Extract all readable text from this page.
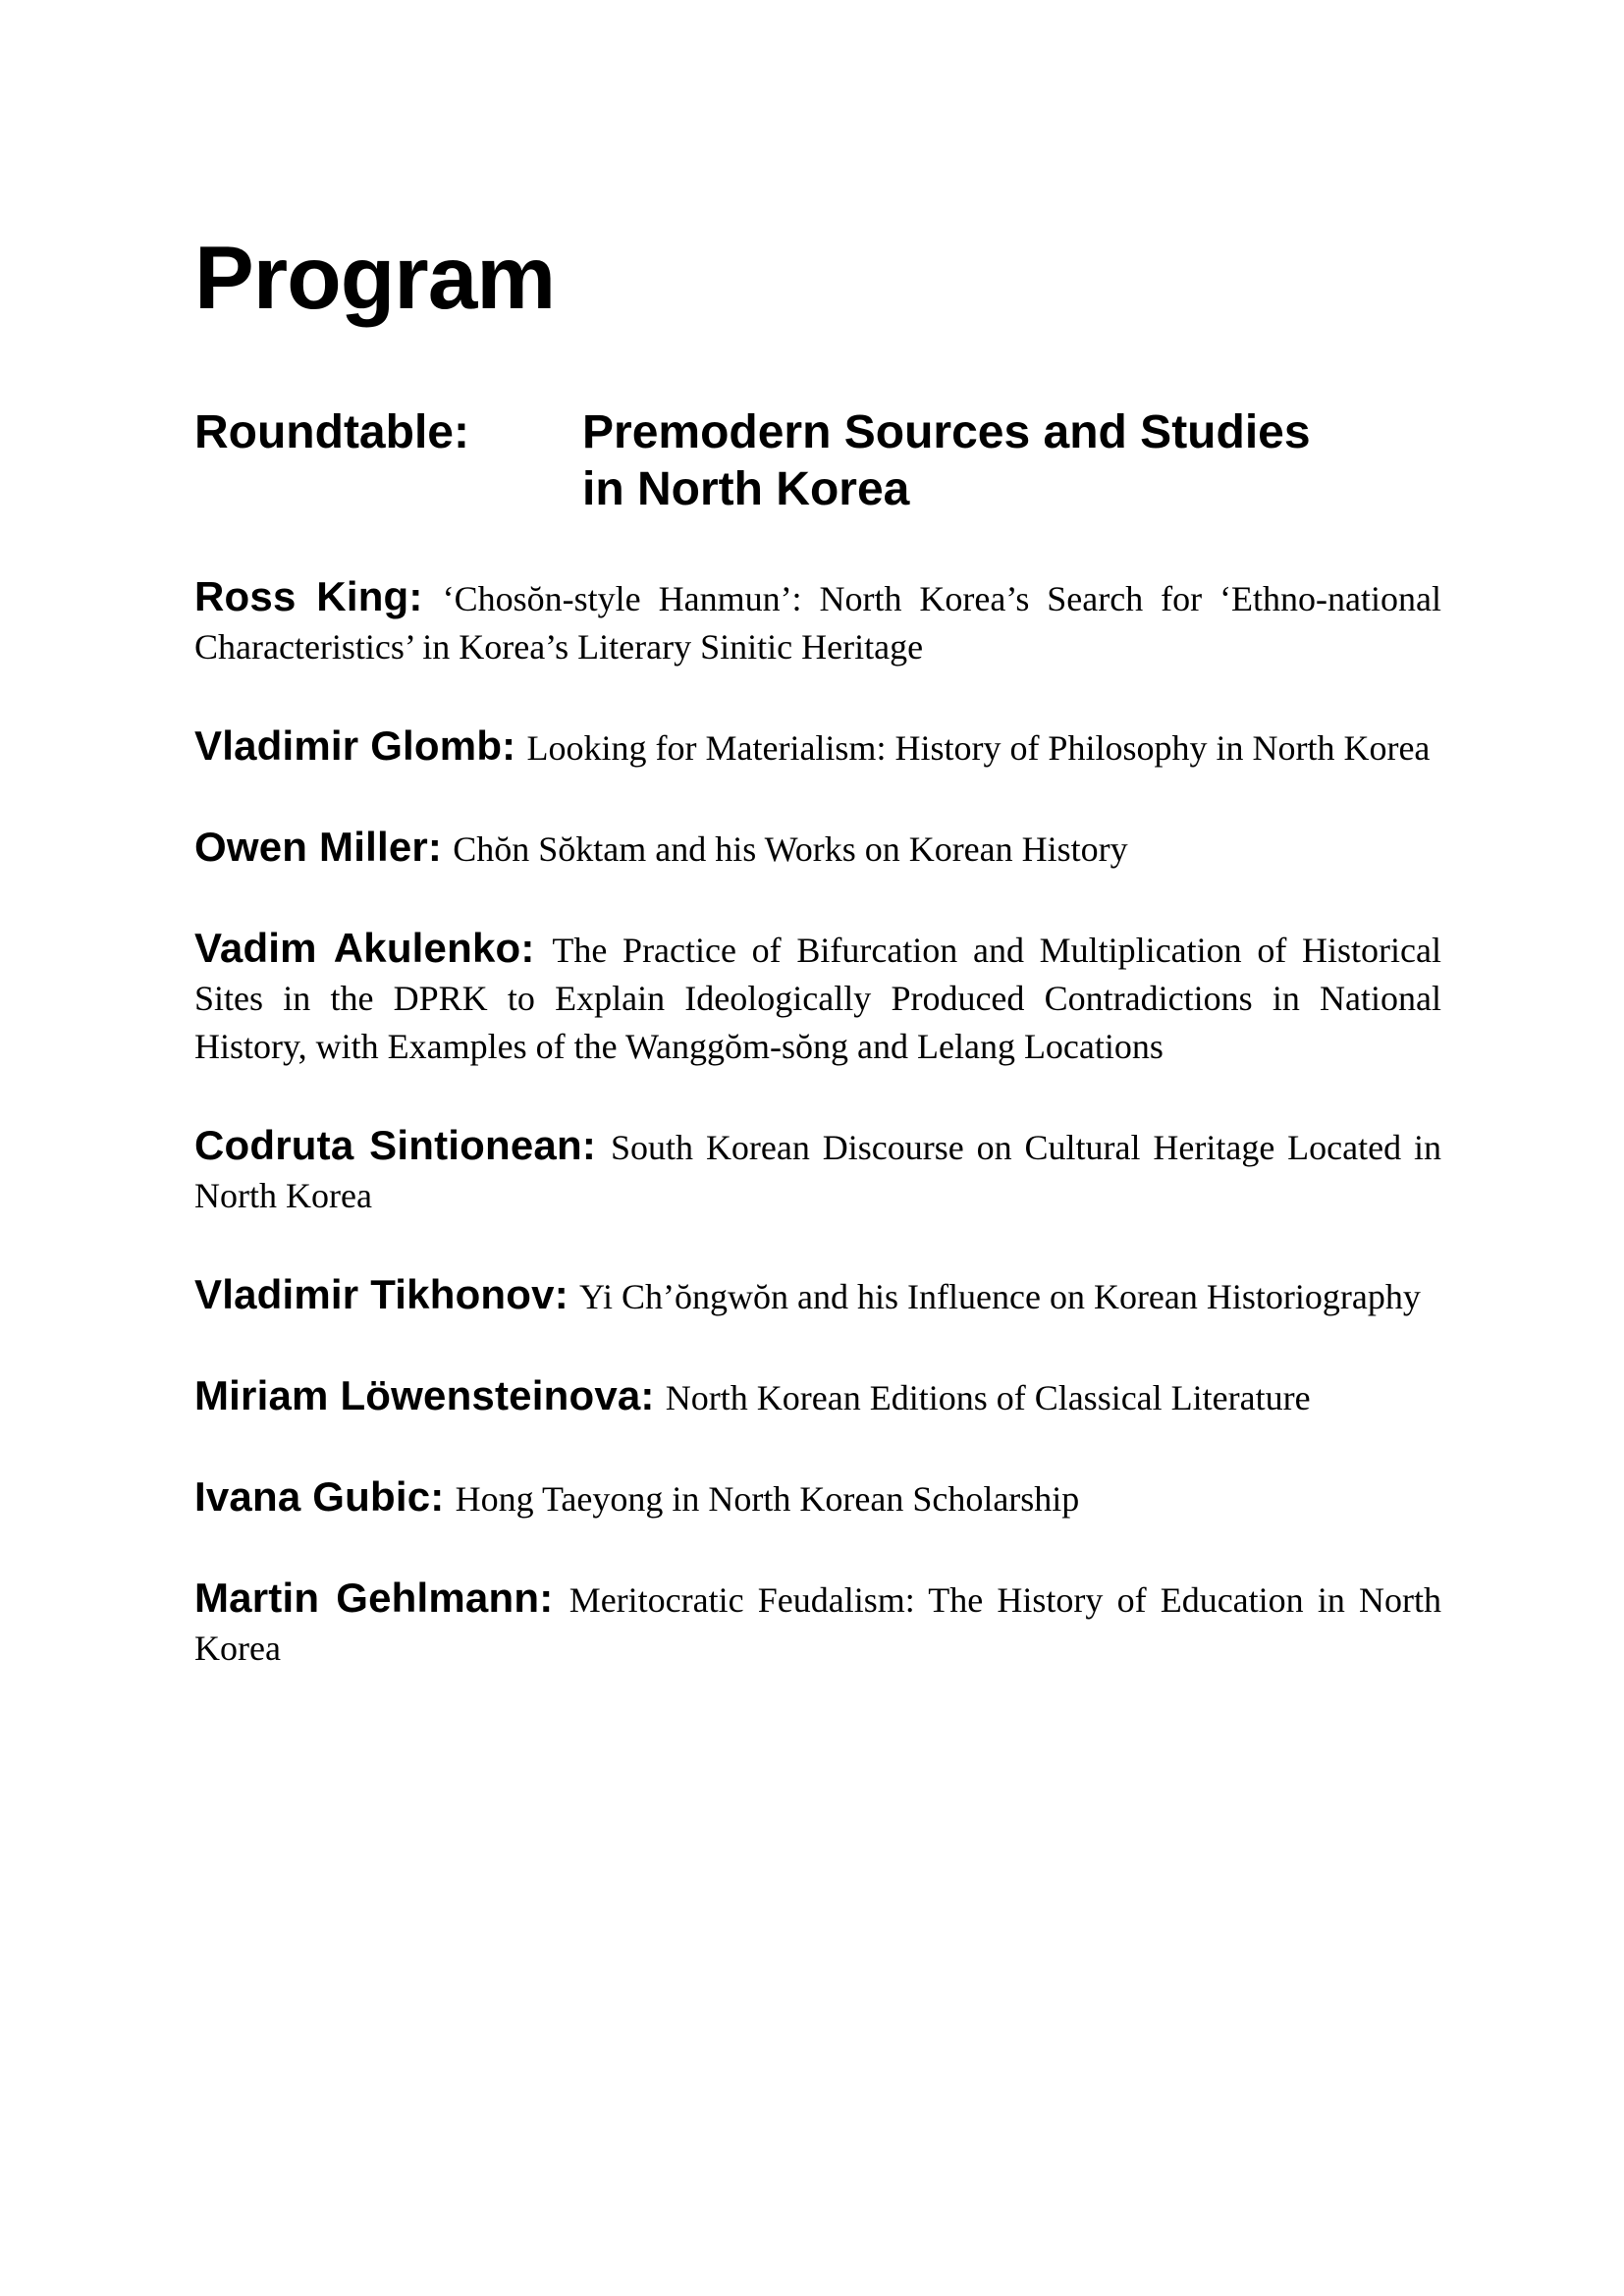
Program
Roundtable:	Premodern Sources and Studies
in North Korea

Ross King: ‘Chosŏn-style Hanmun’: North Korea’s Search for ‘Ethno-national Characteristics’ in Korea’s Literary Sinitic Heritage

Vladimir Glomb: Looking for Materialism: History of Philosophy in North Korea

Owen Miller: Chŏn Sŏktam and his Works on Korean History

Vadim Akulenko: The Practice of Bifurcation and Multiplication of Historical Sites in the DPRK to Explain Ideologically Produced Contradictions in National History, with Examples of the Wanggŏm-sŏng and Lelang Locations

Codruta Sintionean: South Korean Discourse on Cultural Heritage Located in North Korea

Vladimir Tikhonov: Yi Ch’ŏngwŏn and his Influence on Korean Historiography

Miriam Löwensteinova: North Korean Editions of Classical Literature

Ivana Gubic: Hong Taeyong in North Korean Scholarship

Martin Gehlmann: Meritocratic Feudalism: The History of Education in North Korea
